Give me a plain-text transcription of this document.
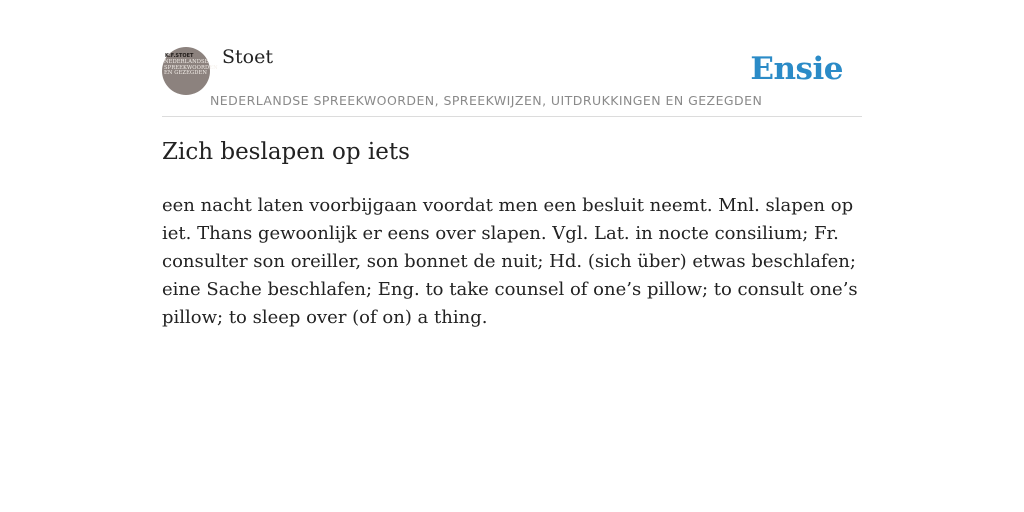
K.F.STOET
NEDERLANDSE SPREEKWOORDEN EN GEZEGDEN
Stoet	Ensie
NEDERLANDSE SPREEKWOORDEN, SPREEKWIJZEN, UITDRUKKINGEN EN GEZEGDEN
Zich beslapen op iets

een nacht laten voorbijgaan voordat men een besluit neemt. Mnl. slapen op iet. Thans gewoonlijk er eens over slapen. Vgl. Lat. in nocte consilium; Fr. consulter son oreiller, son bonnet de nuit; Hd. (sich über) etwas beschlafen; eine Sache beschlafen; Eng. to take counsel of one’s pillow; to consult one’s pillow; to sleep over (of on) a thing.
